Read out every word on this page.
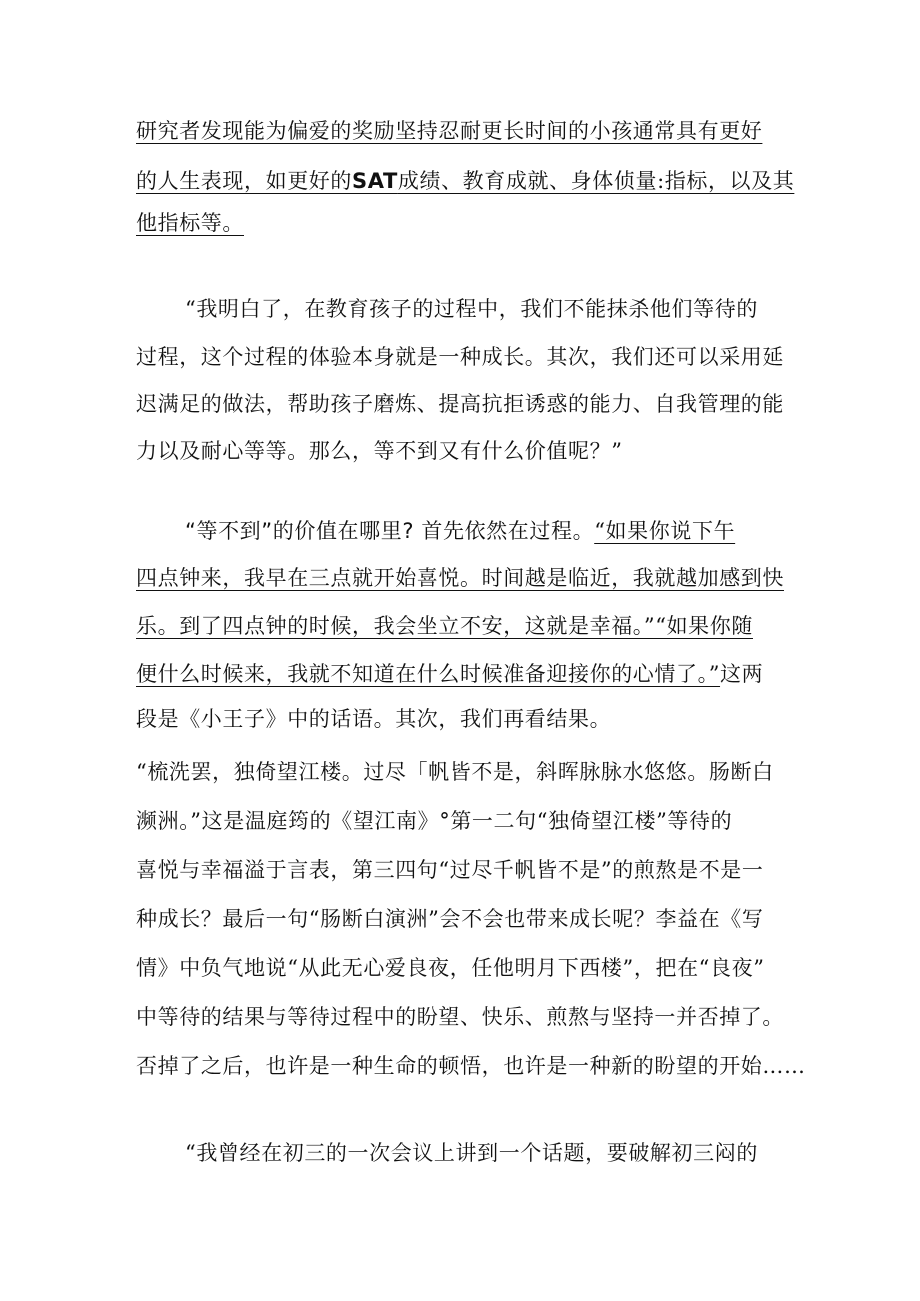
研究者发现能为偏爱的奖励坚持忍耐更长时间的小孩通常具有更好
的人生表现，如更好的SAT成绩、教育成就、身体侦量:指标，以及其
他指标等。
“我明白了，在教育孩子的过程中，我们不能抹杀他们等待的
过程，这个过程的体验本身就是一种成长。其次，我们还可以采用延
迟满足的做法，帮助孩子磨炼、提高抗拒诱惑的能力、自我管理的能
力以及耐心等等。那么，等不到又有什么价值呢？”
“等不到”的价值在哪里? 首先依然在过程。“如果你说下午
四点钟来，我早在三点就开始喜悦。时间越是临近，我就越加感到快
乐。到了四点钟的时候，我会坐立不安，这就是幸福。”“如果你随
便什么时候来，我就不知道在什么时候准备迎接你的心情了。”这两
段是《小王子》中的话语。其次，我们再看结果。
“梳洗罢，独倚望江楼。过尽「帆皆不是，斜晖脉脉水悠悠。肠断白
濒洲。”这是温庭筠的《望江南》°第一二句“独倚望江楼”等待的
喜悦与幸福溢于言表，第三四句“过尽千帆皆不是”的煎熬是不是一
种成长？最后一句“肠断白演洲”会不会也带来成长呢？李益在《写
情》中负气地说“从此无心爱良夜，任他明月下西楼”，把在“良夜”
中等待的结果与等待过程中的盼望、快乐、煎熬与坚持一并否掉了。
否掉了之后，也许是一种生命的顿悟，也许是一种新的盼望的开始……
“我曾经在初三的一次会议上讲到一个话题，要破解初三闷的
